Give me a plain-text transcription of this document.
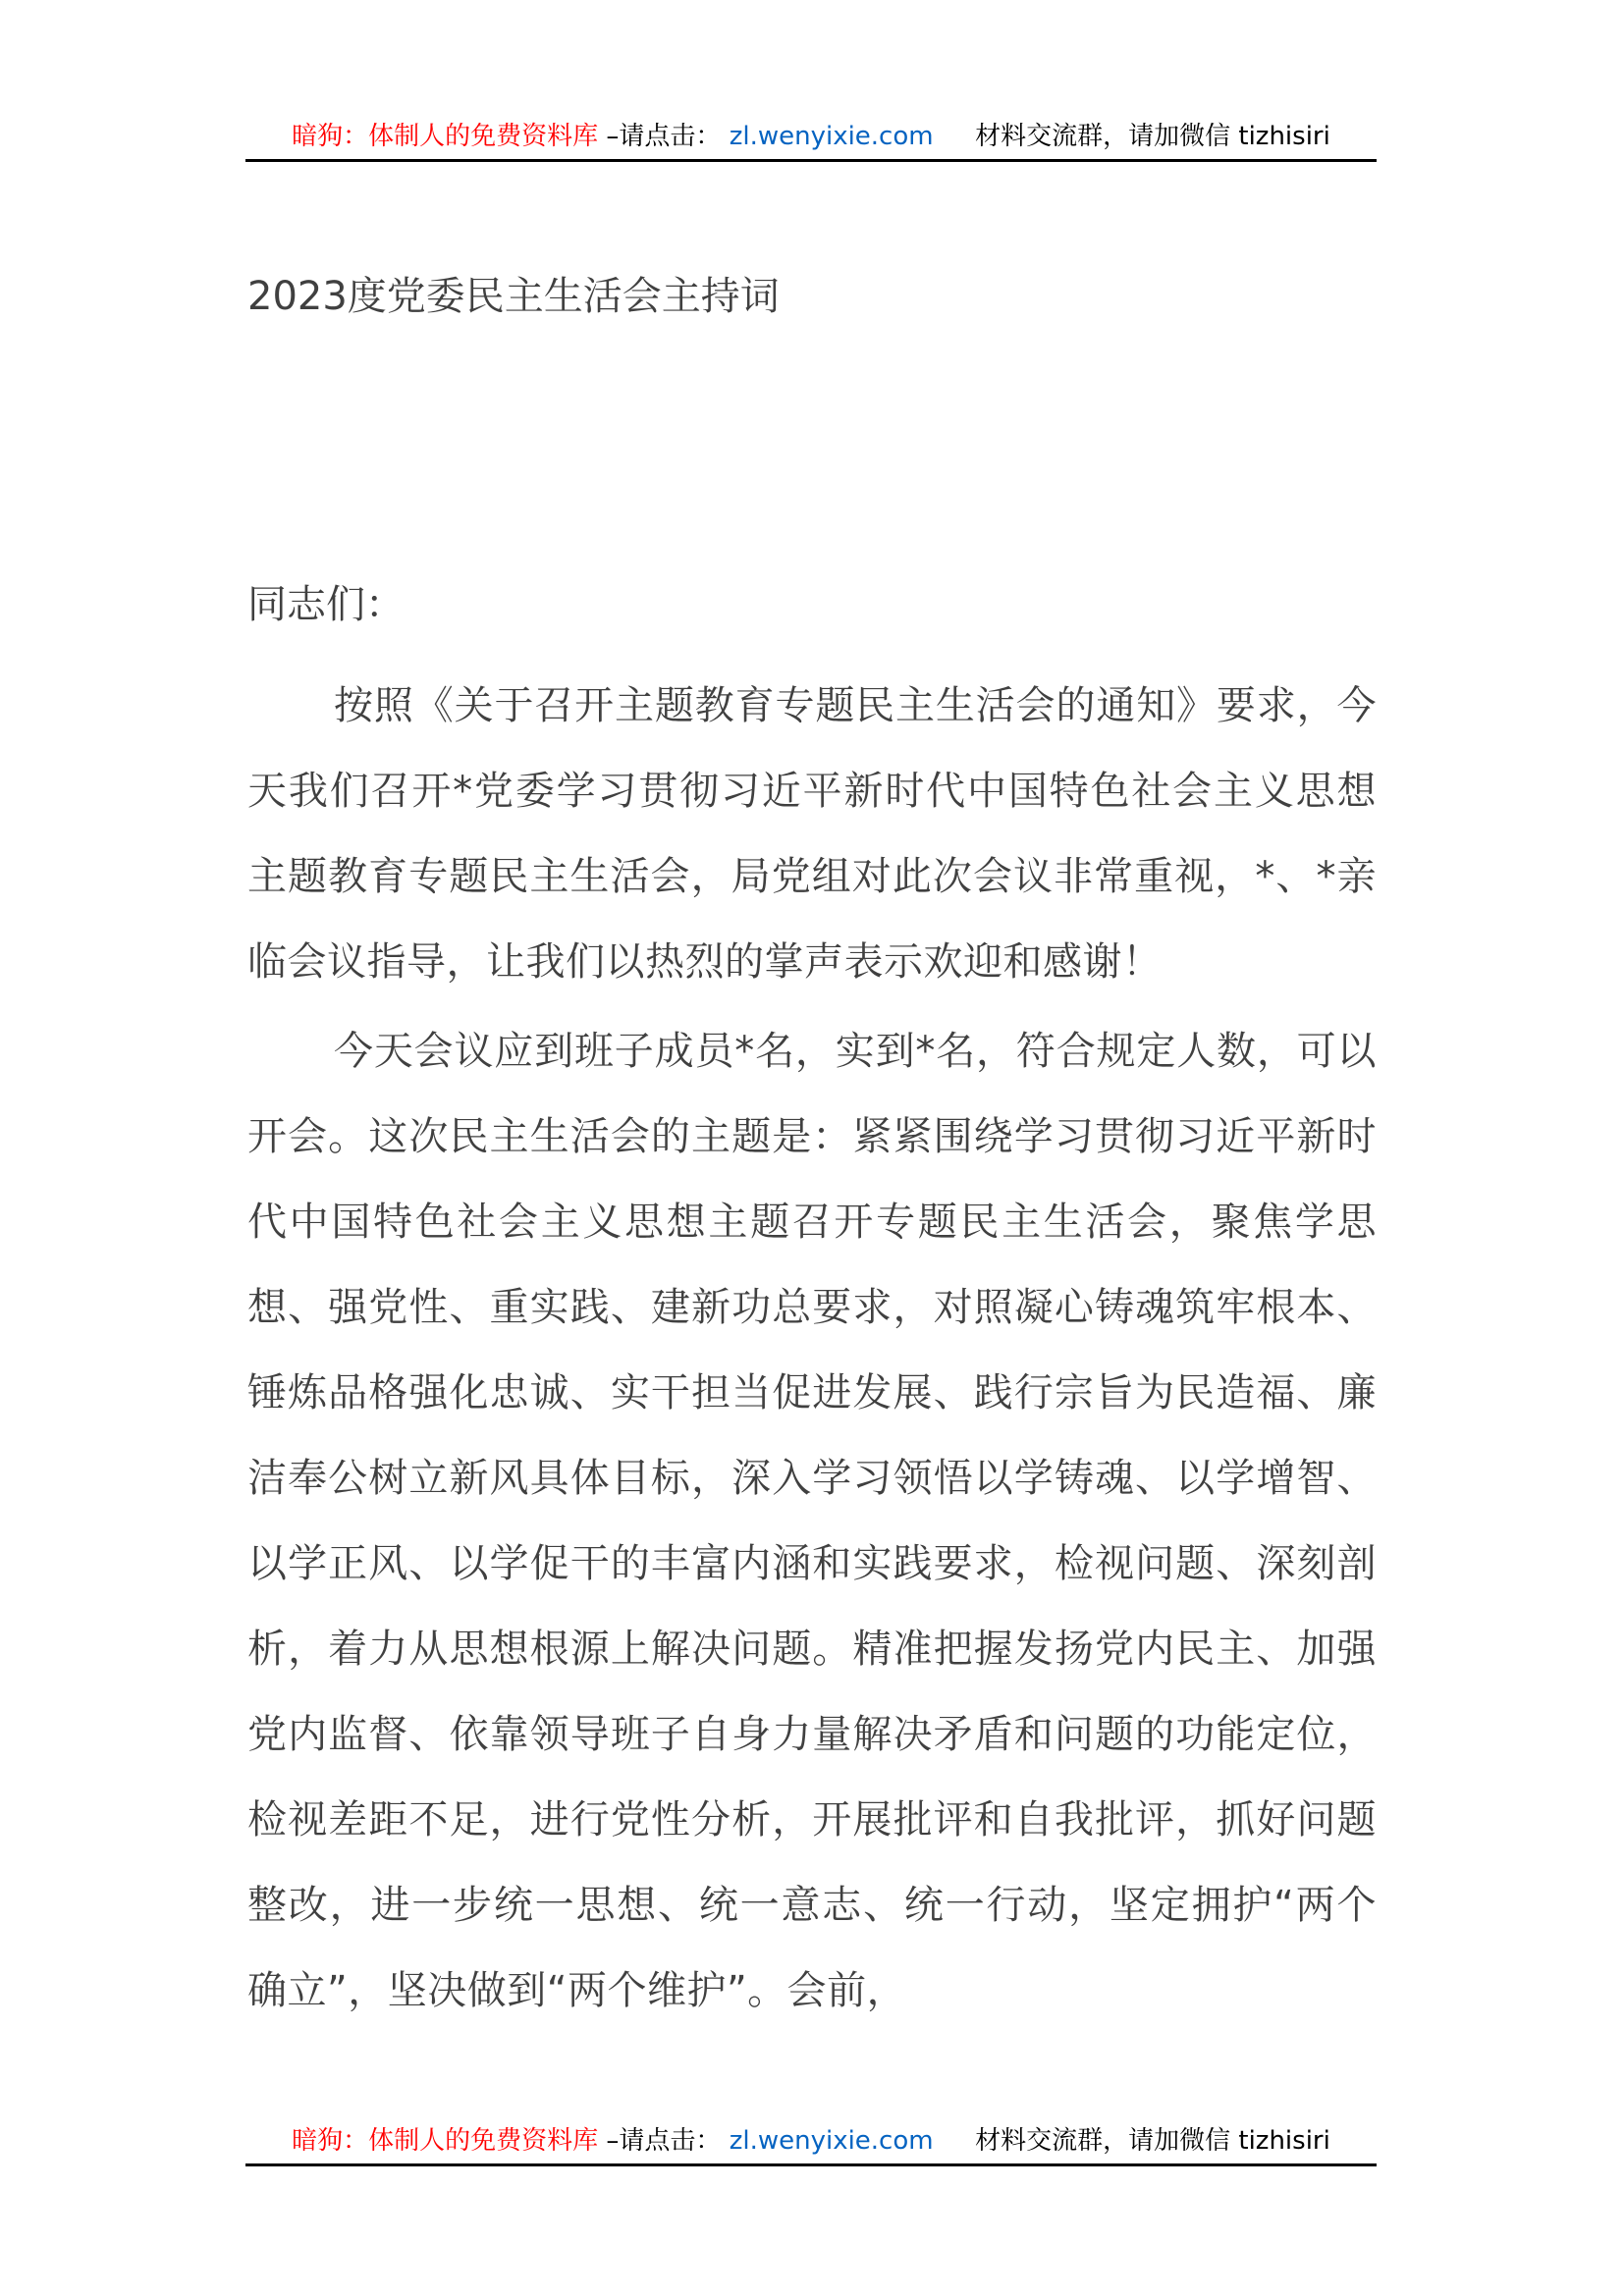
暗狗：体制人的免费资料库 –请点击： zl.wenyixie.com 材料交流群，请加微信 tizhisiri
2023度党委民主生活会主持词

同志们：

按照《关于召开主题教育专题民主生活会的通知》要求，今天我们召开*党委学习贯彻习近平新时代中国特色社会主义思想主题教育专题民主生活会，局党组对此次会议非常重视，*、*亲临会议指导，让我们以热烈的掌声表示欢迎和感谢！

今天会议应到班子成员*名，实到*名，符合规定人数，可以开会。这次民主生活会的主题是：紧紧围绕学习贯彻习近平新时代中国特色社会主义思想主题召开专题民主生活会，聚焦学思想、强党性、重实践、建新功总要求，对照凝心铸魂筑牢根本、锤炼品格强化忠诚、实干担当促进发展、践行宗旨为民造福、廉洁奉公树立新风具体目标，深入学习领悟以学铸魂、以学增智、以学正风、以学促干的丰富内涵和实践要求，检视问题、深刻剖析，着力从思想根源上解决问题。精准把握发扬党内民主、加强党内监督、依靠领导班子自身力量解决矛盾和问题的功能定位，检视差距不足，进行党性分析，开展批评和自我批评，抓好问题整改，进一步统一思想、统一意志、统一行动，坚定拥护“两个确立”，坚决做到“两个维护”。会前，

暗狗：体制人的免费资料库 –请点击： zl.wenyixie.com 材料交流群，请加微信 tizhisiri
